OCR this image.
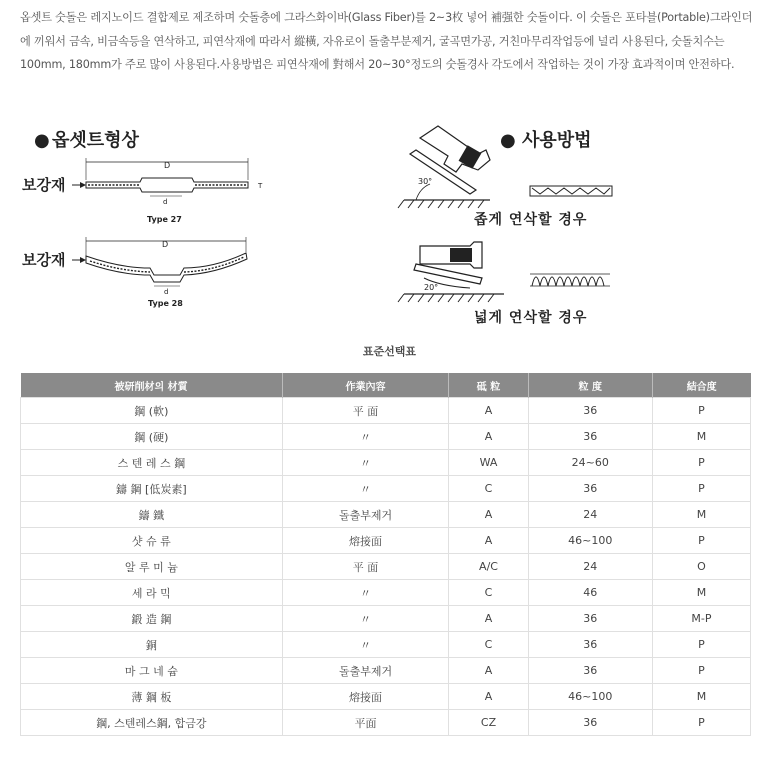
옵셋트 숫돌은 레지노이드 결합제로 제조하며 숫돌층에 그라스화이바(Glass Fiber)를 2~3枚 넣어 補强한 숫돌이다. 이 숫돌은 포타블(Portable)그라인더
에 끼워서 금속, 비금속등을 연삭하고, 피연삭재에 따라서 縱橫, 자유로이 돌출부분제거, 굴곡면가공, 거친마무리작업등에 널리 사용된다, 숫돌치수는
100mm, 180mm가 주로 많이 사용된다.사용방법은 피연삭재에 對해서 20~30°정도의 숫돌경사 각도에서 작업하는 것이 가장 효과적이며 안전하다.
● 옵셋트형상
보강재
D
d
T
Type 27
보강재
D
d
Type 28
● 사용방법
30°
좁게 연삭할 경우
20°
넓게 연삭할 경우
표준선택표
被研削材의 材質	作業內容	砥 粒	粒 度	結合度
鋼 (軟)	平 面	A	36	P
鋼 (硬)	〃	A	36	M
스 텐 레 스 鋼	〃	WA	24~60	P
鑄 鋼 [低炭素]	〃	C	36	P
鑄 鐵	돌출부제거	A	24	M
샷 슈 류	熔接面	A	46~100	P
알 루 미 늄	平 面	A/C	24	O
세 라 믹	〃	C	46	M
鍛 造 鋼	〃	A	36	M-P
銅	〃	C	36	P
마 그 네 슘	돌출부제거	A	36	P
薄 鋼 板	熔接面	A	46~100	M
鋼, 스텐레스鋼, 합금강	平面	CZ	36	P
